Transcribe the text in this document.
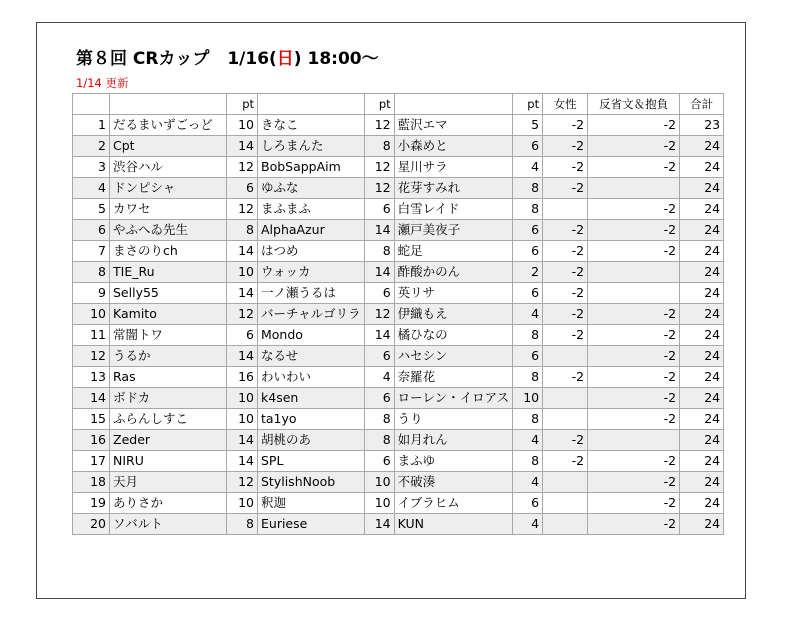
第８回 CRカップ 1/16(日) 18:00～
1/14 更新
		pt		pt		pt	女性	反省文＆抱負	合計
1	だるまいずごっど	10	きなこ	12	藍沢エマ	5	-2	-2	23
2	Cpt	14	しろまんた	8	小森めと	6	-2	-2	24
3	渋谷ハル	12	BobSappAim	12	星川サラ	4	-2	-2	24
4	ドンピシャ	6	ゆふな	12	花芽すみれ	8	-2		24
5	カワセ	12	まふまふ	6	白雪レイド	8		-2	24
6	やふへゐ先生	8	AlphaAzur	14	瀬戸美夜子	6	-2	-2	24
7	まさのりch	14	はつめ	8	蛇足	6	-2	-2	24
8	TIE_Ru	10	ウォッカ	14	酢酸かのん	2	-2		24
9	Selly55	14	一ノ瀬うるは	6	英リサ	6	-2		24
10	Kamito	12	バーチャルゴリラ	12	伊織もえ	4	-2	-2	24
11	常闇トワ	6	Mondo	14	橘ひなの	8	-2	-2	24
12	うるか	14	なるせ	6	ハセシン	6		-2	24
13	Ras	16	わいわい	4	奈羅花	8	-2	-2	24
14	ボドカ	10	k4sen	6	ローレン・イロアス	10		-2	24
15	ふらんしすこ	10	ta1yo	8	うり	8		-2	24
16	Zeder	14	胡桃のあ	8	如月れん	4	-2		24
17	NIRU	14	SPL	6	まふゆ	8	-2	-2	24
18	天月	12	StylishNoob	10	不破湊	4		-2	24
19	ありさか	10	釈迦	10	イブラヒム	6		-2	24
20	ソバルト	8	Euriese	14	KUN	4		-2	24
